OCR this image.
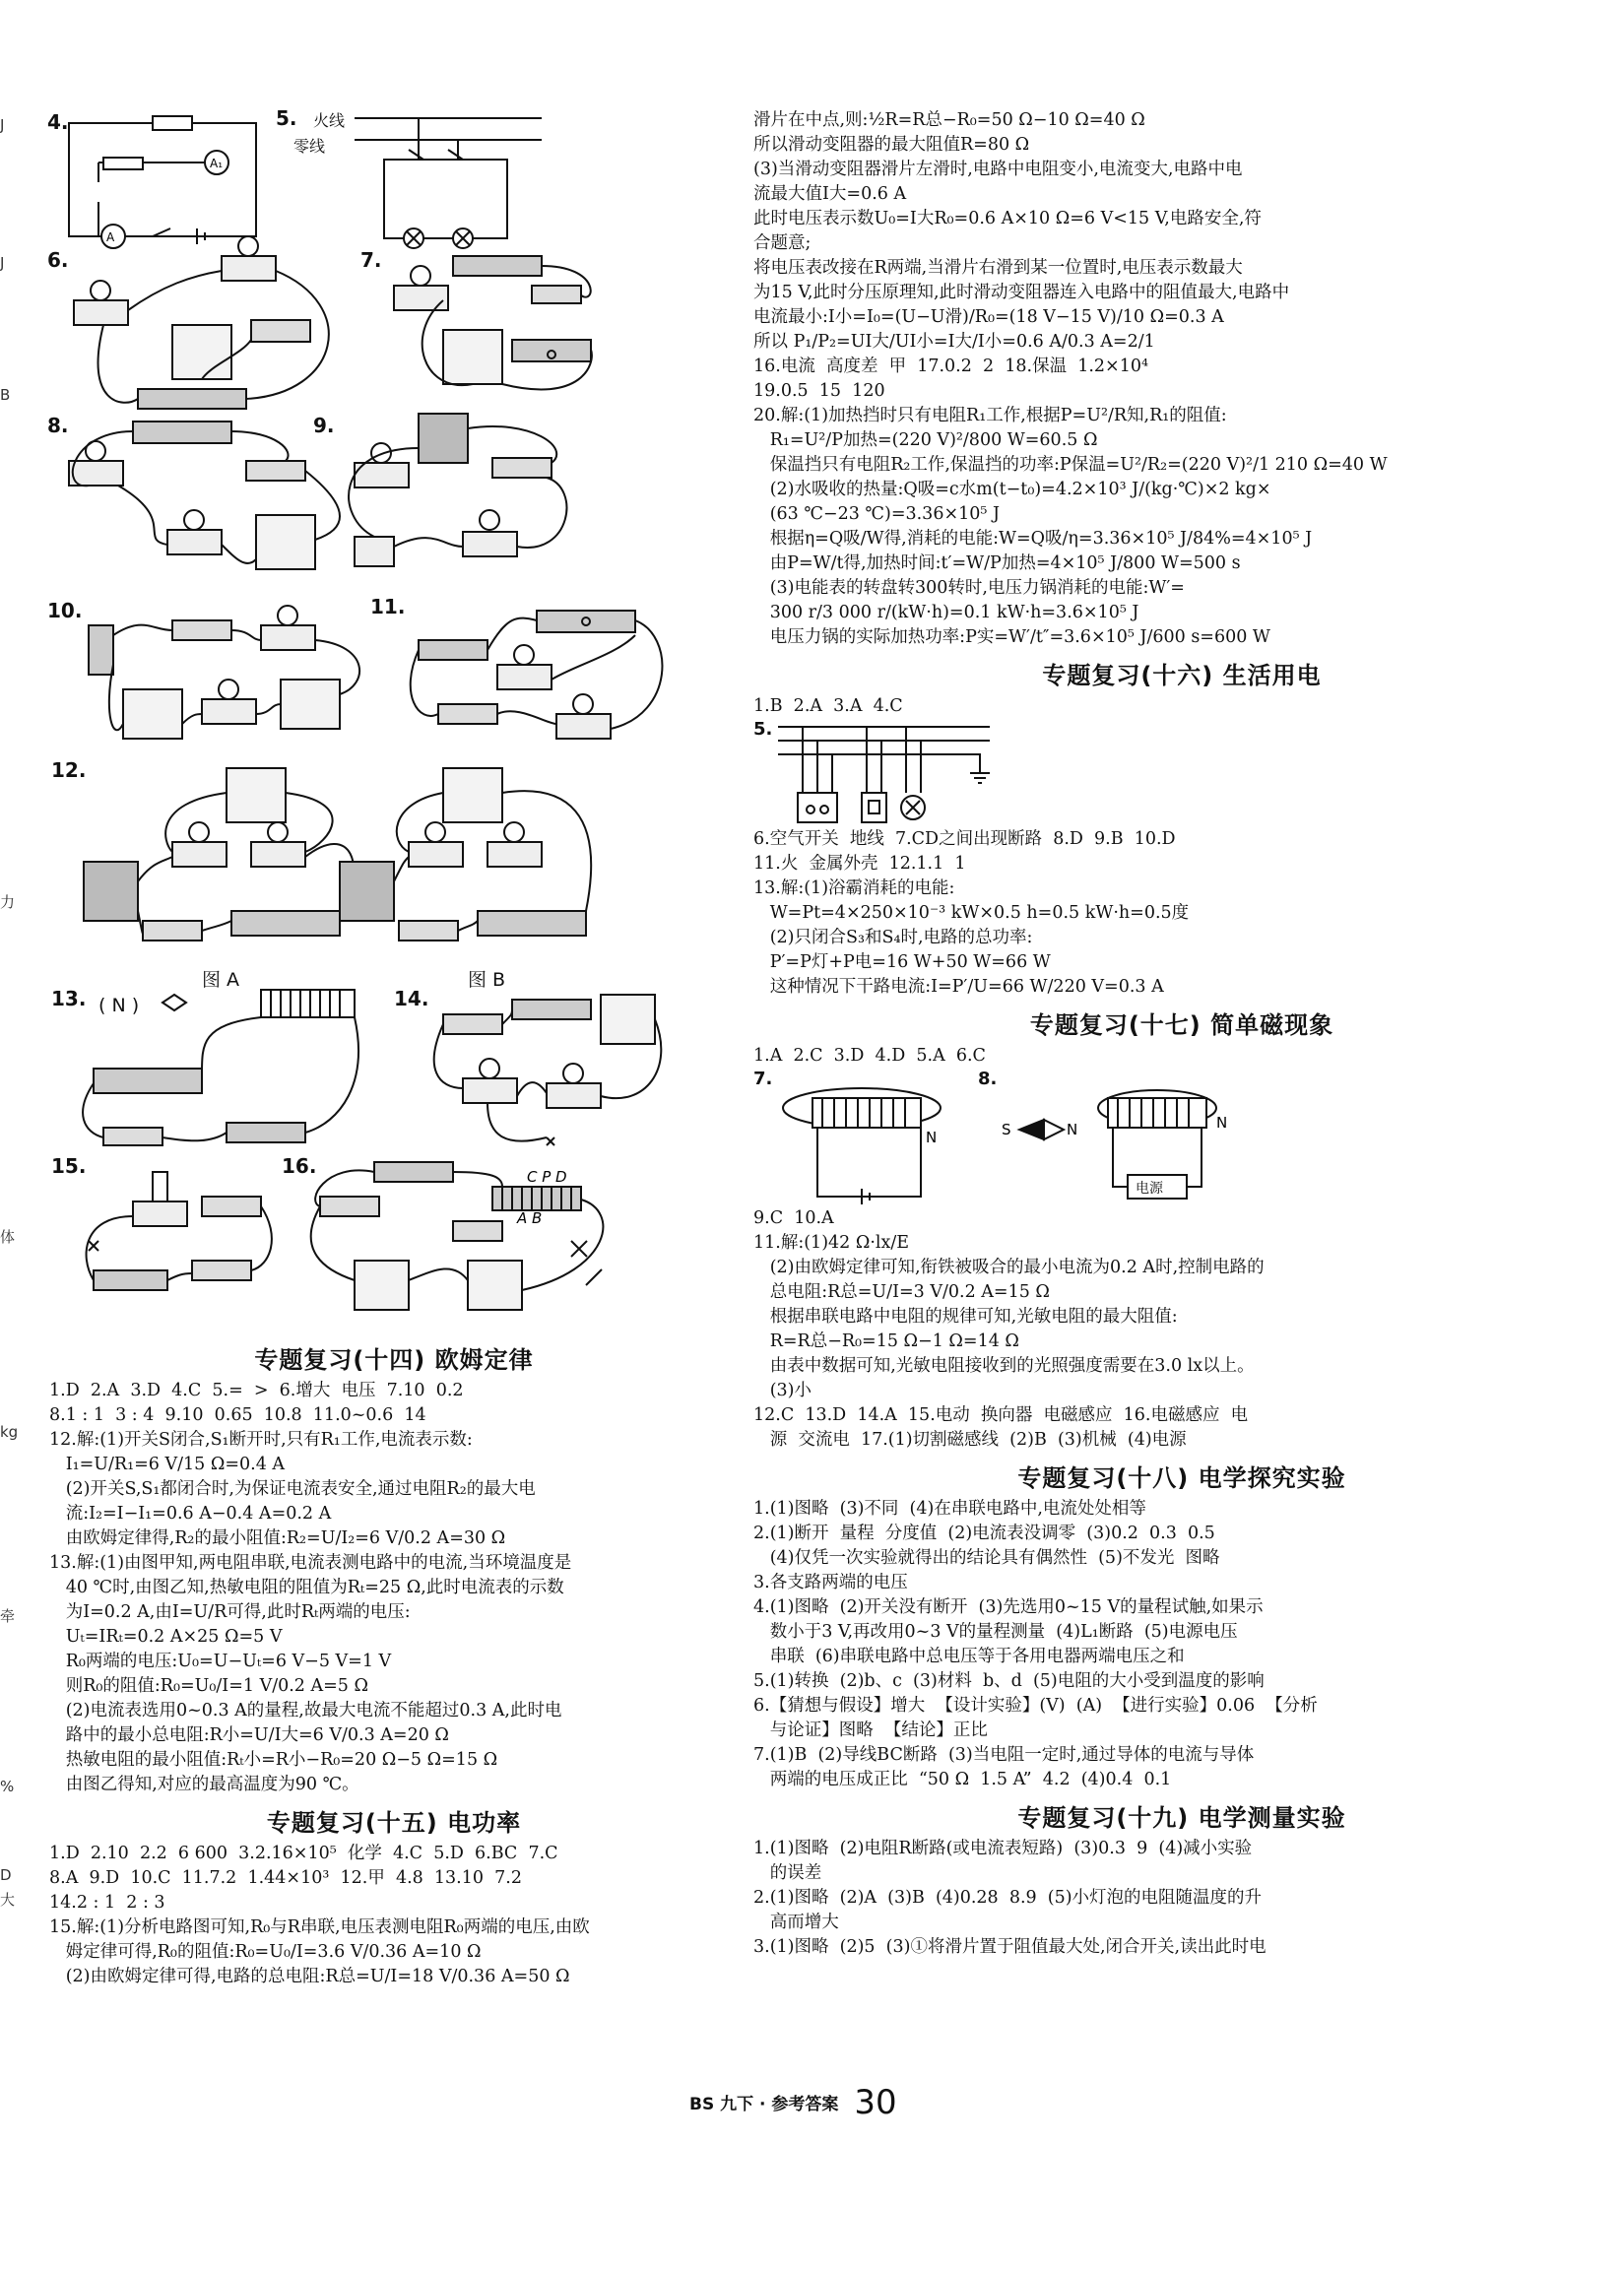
J
J
B
力
体
kg
牵
%
D
大
4.	5.
6.	7.
8.	9.
10.	11.
12.
13.	14.
15.	16.
A₁
A
火线
零线
图 A	图 B
( N )
C P D
A B
专题复习(十四) 欧姆定律
1.D  2.A  3.D  4.C  5.=  >  6.增大  电压  7.10  0.2
8.1 : 1  3 : 4  9.10  0.65  10.8  11.0~0.6  14
12.解:(1)开关S闭合,S₁断开时,只有R₁工作,电流表示数:
I₁=U/R₁=6 V/15 Ω=0.4 A
(2)开关S,S₁都闭合时,为保证电流表安全,通过电阻R₂的最大电
流:I₂=I−I₁=0.6 A−0.4 A=0.2 A
由欧姆定律得,R₂的最小阻值:R₂=U/I₂=6 V/0.2 A=30 Ω
13.解:(1)由图甲知,两电阻串联,电流表测电路中的电流,当环境温度是
40 ℃时,由图乙知,热敏电阻的阻值为Rₜ=25 Ω,此时电流表的示数
为I=0.2 A,由I=U/R可得,此时Rₜ两端的电压:
Uₜ=IRₜ=0.2 A×25 Ω=5 V
R₀两端的电压:U₀=U−Uₜ=6 V−5 V=1 V
则R₀的阻值:R₀=U₀/I=1 V/0.2 A=5 Ω
(2)电流表选用0~0.3 A的量程,故最大电流不能超过0.3 A,此时电
路中的最小总电阻:R小=U/I大=6 V/0.3 A=20 Ω
热敏电阻的最小阻值:Rₜ小=R小−R₀=20 Ω−5 Ω=15 Ω
由图乙得知,对应的最高温度为90 ℃。
专题复习(十五) 电功率
1.D  2.10  2.2  6 600  3.2.16×10⁵  化学  4.C  5.D  6.BC  7.C
8.A  9.D  10.C  11.7.2  1.44×10³  12.甲  4.8  13.10  7.2
14.2 : 1  2 : 3
15.解:(1)分析电路图可知,R₀与R串联,电压表测电阻R₀两端的电压,由欧
姆定律可得,R₀的阻值:R₀=U₀/I=3.6 V/0.36 A=10 Ω
(2)由欧姆定律可得,电路的总电阻:R总=U/I=18 V/0.36 A=50 Ω
滑片在中点,则:½R=R总−R₀=50 Ω−10 Ω=40 Ω
所以滑动变阻器的最大阻值R=80 Ω
(3)当滑动变阻器滑片左滑时,电路中电阻变小,电流变大,电路中电
流最大值I大=0.6 A
此时电压表示数U₀=I大R₀=0.6 A×10 Ω=6 V<15 V,电路安全,符
合题意;
将电压表改接在R两端,当滑片右滑到某一位置时,电压表示数最大
为15 V,此时分压原理知,此时滑动变阻器连入电路中的阻值最大,电路中
电流最小:I小=I₀=(U−U滑)/R₀=(18 V−15 V)/10 Ω=0.3 A
所以 P₁/P₂=UI大/UI小=I大/I小=0.6 A/0.3 A=2/1
16.电流  高度差  甲  17.0.2  2  18.保温  1.2×10⁴
19.0.5  15  120
20.解:(1)加热挡时只有电阻R₁工作,根据P=U²/R知,R₁的阻值:
R₁=U²/P加热=(220 V)²/800 W=60.5 Ω
保温挡只有电阻R₂工作,保温挡的功率:P保温=U²/R₂=(220 V)²/1 210 Ω=40 W
(2)水吸收的热量:Q吸=c水m(t−t₀)=4.2×10³ J/(kg·℃)×2 kg×
(63 ℃−23 ℃)=3.36×10⁵ J
根据η=Q吸/W得,消耗的电能:W=Q吸/η=3.36×10⁵ J/84%=4×10⁵ J
由P=W/t得,加热时间:t′=W/P加热=4×10⁵ J/800 W=500 s
(3)电能表的转盘转300转时,电压力锅消耗的电能:W′=
300 r/3 000 r/(kW·h)=0.1 kW·h=3.6×10⁵ J
电压力锅的实际加热功率:P实=W′/t″=3.6×10⁵ J/600 s=600 W
专题复习(十六) 生活用电
1.B  2.A  3.A  4.C
5.
6.空气开关  地线  7.CD之间出现断路  8.D  9.B  10.D
11.火  金属外壳  12.1.1  1
13.解:(1)浴霸消耗的电能:
W=Pt=4×250×10⁻³ kW×0.5 h=0.5 kW·h=0.5度
(2)只闭合S₃和S₄时,电路的总功率:
P′=P灯+P电=16 W+50 W=66 W
这种情况下干路电流:I=P′/U=66 W/220 V=0.3 A
专题复习(十七) 简单磁现象
1.A  2.C  3.D  4.D  5.A  6.C
7.	8.
N	S	N	N
电源
9.C  10.A
11.解:(1)42 Ω·lx/E
(2)由欧姆定律可知,衔铁被吸合的最小电流为0.2 A时,控制电路的
总电阻:R总=U/I=3 V/0.2 A=15 Ω
根据串联电路中电阻的规律可知,光敏电阻的最大阻值:
R=R总−R₀=15 Ω−1 Ω=14 Ω
由表中数据可知,光敏电阻接收到的光照强度需要在3.0 lx以上。
(3)小
12.C  13.D  14.A  15.电动  换向器  电磁感应  16.电磁感应  电
源  交流电  17.(1)切割磁感线  (2)B  (3)机械  (4)电源
专题复习(十八) 电学探究实验
1.(1)图略  (3)不同  (4)在串联电路中,电流处处相等
2.(1)断开  量程  分度值  (2)电流表没调零  (3)0.2  0.3  0.5
(4)仅凭一次实验就得出的结论具有偶然性  (5)不发光  图略
3.各支路两端的电压
4.(1)图略  (2)开关没有断开  (3)先选用0~15 V的量程试触,如果示
数小于3 V,再改用0~3 V的量程测量  (4)L₁断路  (5)电源电压
串联  (6)串联电路中总电压等于各用电器两端电压之和
5.(1)转换  (2)b、c  (3)材料  b、d  (5)电阻的大小受到温度的影响
6.【猜想与假设】增大  【设计实验】(V)  (A)  【进行实验】0.06  【分析
与论证】图略  【结论】正比
7.(1)B  (2)导线BC断路  (3)当电阻一定时,通过导体的电流与导体
两端的电压成正比  “50 Ω  1.5 A”  4.2  (4)0.4  0.1
专题复习(十九) 电学测量实验
1.(1)图略  (2)电阻R断路(或电流表短路)  (3)0.3  9  (4)减小实验
的误差
2.(1)图略  (2)A  (3)B  (4)0.28  8.9  (5)小灯泡的电阻随温度的升
高而增大
3.(1)图略  (2)5  (3)①将滑片置于阻值最大处,闭合开关,读出此时电
BS 九下 · 参考答案 30
